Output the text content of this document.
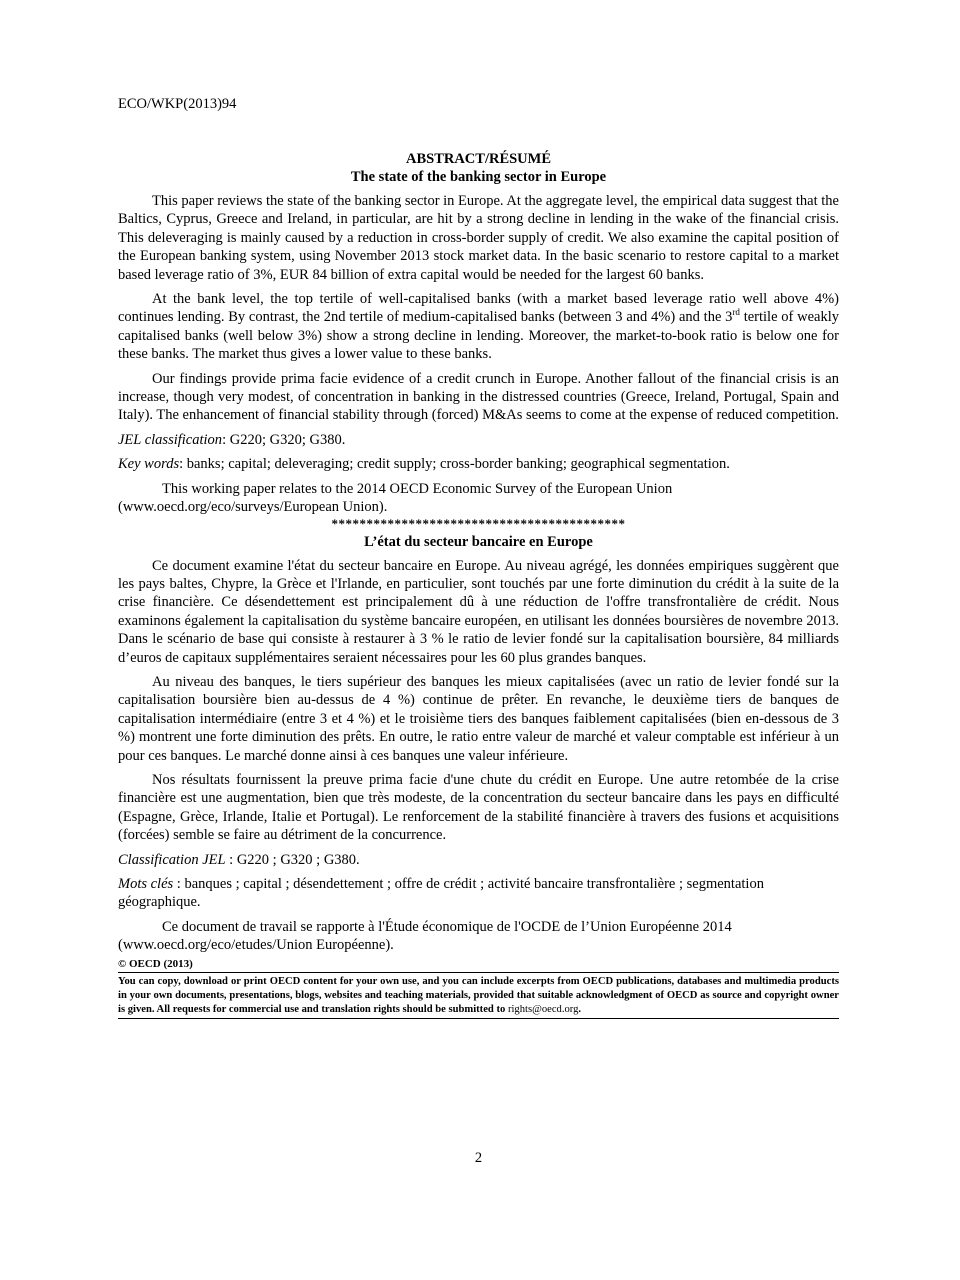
ECO/WKP(2013)94
ABSTRACT/RÉSUMÉ
The state of the banking sector in Europe

This paper reviews the state of the banking sector in Europe. At the aggregate level, the empirical data suggest that the Baltics, Cyprus, Greece and Ireland, in particular, are hit by a strong decline in lending in the wake of the financial crisis. This deleveraging is mainly caused by a reduction in cross-border supply of credit. We also examine the capital position of the European banking system, using November 2013 stock market data. In the basic scenario to restore capital to a market based leverage ratio of 3%, EUR 84 billion of extra capital would be needed for the largest 60 banks.

At the bank level, the top tertile of well-capitalised banks (with a market based leverage ratio well above 4%) continues lending. By contrast, the 2nd tertile of medium-capitalised banks (between 3 and 4%) and the 3rd tertile of weakly capitalised banks (well below 3%) show a strong decline in lending. Moreover, the market-to-book ratio is below one for these banks. The market thus gives a lower value to these banks.

Our findings provide prima facie evidence of a credit crunch in Europe. Another fallout of the financial crisis is an increase, though very modest, of concentration in banking in the distressed countries (Greece, Ireland, Portugal, Spain and Italy). The enhancement of financial stability through (forced) M&As seems to come at the expense of reduced competition.

JEL classification: G220; G320; G380.

Key words: banks; capital; deleveraging; credit supply; cross-border banking; geographical segmentation.

This working paper relates to the 2014 OECD Economic Survey of the European Union (www.oecd.org/eco/surveys/European Union).

******************************************
L’état du secteur bancaire en Europe

Ce document examine l'état du secteur bancaire en Europe. Au niveau agrégé, les données empiriques suggèrent que les pays baltes, Chypre, la Grèce et l'Irlande, en particulier, sont touchés par une forte diminution du crédit à la suite de la crise financière. Ce désendettement est principalement dû à une réduction de l'offre transfrontalière de crédit. Nous examinons également la capitalisation du système bancaire européen, en utilisant les données boursières de novembre 2013. Dans le scénario de base qui consiste à restaurer à 3 % le ratio de levier fondé sur la capitalisation boursière, 84 milliards d’euros de capitaux supplémentaires seraient nécessaires pour les 60 plus grandes banques.

Au niveau des banques, le tiers supérieur des banques les mieux capitalisées (avec un ratio de levier fondé sur la capitalisation boursière bien au-dessus de 4 %) continue de prêter. En revanche, le deuxième tiers de banques de capitalisation intermédiaire (entre 3 et 4 %) et le troisième tiers des banques faiblement capitalisées (bien en-dessous de 3 %) montrent une forte diminution des prêts. En outre, le ratio entre valeur de marché et valeur comptable est inférieur à un pour ces banques. Le marché donne ainsi à ces banques une valeur inférieure.

Nos résultats fournissent la preuve prima facie d'une chute du crédit en Europe. Une autre retombée de la crise financière est une augmentation, bien que très modeste, de la concentration du secteur bancaire dans les pays en difficulté (Espagne, Grèce, Irlande, Italie et Portugal). Le renforcement de la stabilité financière à travers des fusions et acquisitions (forcées) semble se faire au détriment de la concurrence.

Classification JEL : G220 ; G320 ; G380.

Mots clés : banques ; capital ; désendettement ; offre de crédit ; activité bancaire transfrontalière ; segmentation géographique.

Ce document de travail se rapporte à l'Étude économique de l'OCDE de l’Union Européenne 2014 (www.oecd.org/eco/etudes/Union Européenne).

© OECD (2013)

You can copy, download or print OECD content for your own use, and you can include excerpts from OECD publications, databases and multimedia products in your own documents, presentations, blogs, websites and teaching materials, provided that suitable acknowledgment of OECD as source and copyright owner is given. All requests for commercial use and translation rights should be submitted to rights@oecd.org.

2
